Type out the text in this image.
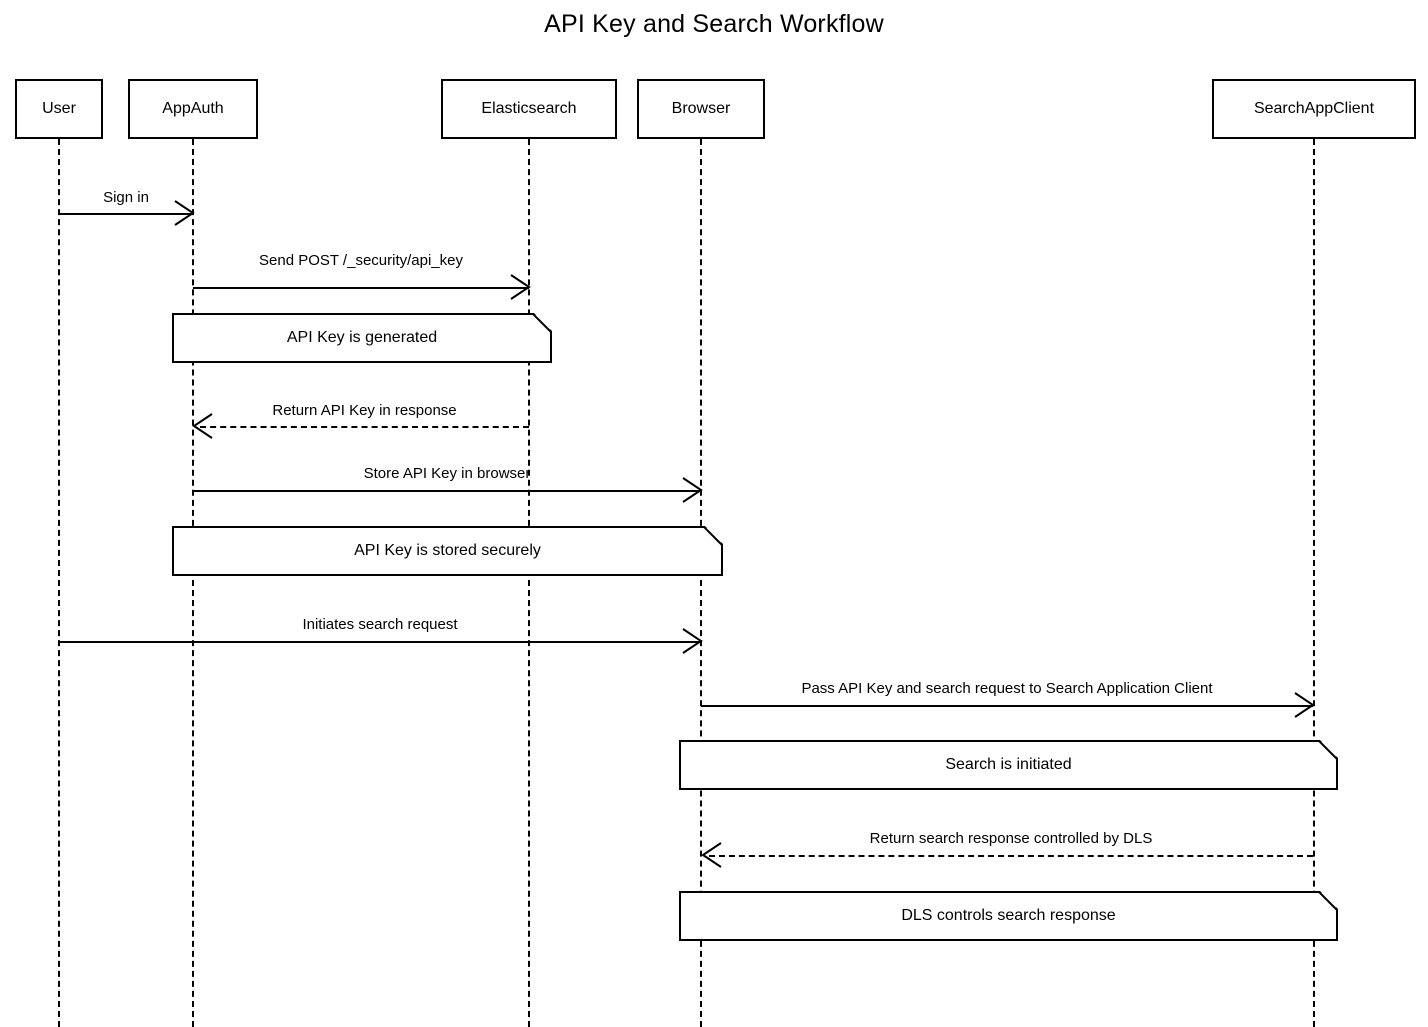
API Key and Search Workflow
User	AppAuth	Elasticsearch	Browser	SearchAppClient
Sign in
Send POST /_security/api_key
API Key is generated
Return API Key in response
Store API Key in browser
API Key is stored securely
Initiates search request
Pass API Key and search request to Search Application Client
Search is initiated
Return search response controlled by DLS
DLS controls search response
